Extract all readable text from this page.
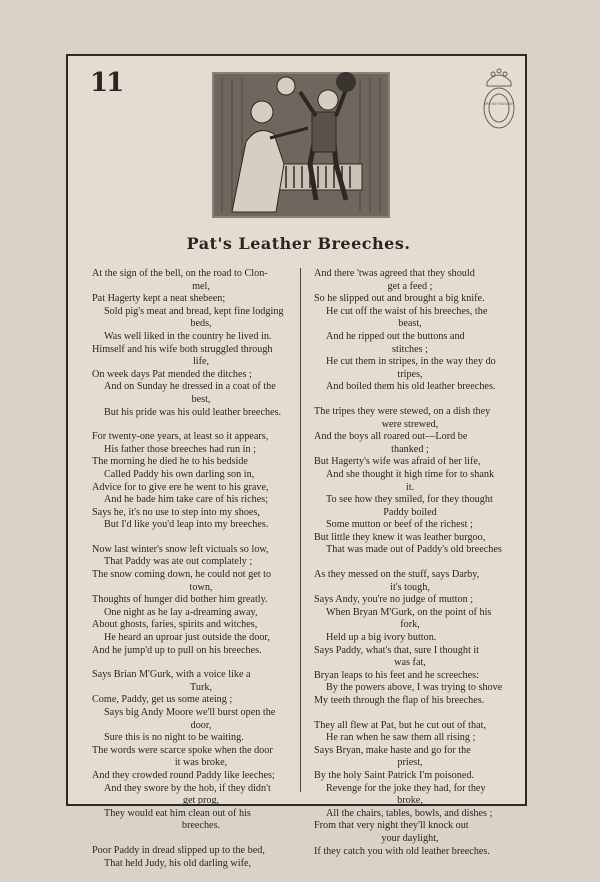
11
BRITISH MUSEUM
Pat's Leather Breeches.
At the sign of the bell, on the road to Clon-
mel,
Pat Hagerty kept a neat shebeen;
Sold pig's meat and bread, kept fine lodging
beds,
Was well liked in the country he lived in.
Himself and his wife both struggled through
life,
On week days Pat mended the ditches ;
And on Sunday he dressed in a coat of the
best,
But his pride was his ould leather breeches.
For twenty-one years, at least so it appears,
His father those breeches had run in ;
The morning he died he to his bedside
Called Paddy his own darling son in,
Advice for to give ere he went to his grave,
And he bade him take care of his riches;
Says he, it's no use to step into my shoes,
But I'd like you'd leap into my breeches.
Now last winter's snow left victuals so low,
That Paddy was ate out complately ;
The snow coming down, he could not get to
town,
Thoughts of hunger did bother him greatly.
One night as he lay a-dreaming away,
About ghosts, faries, spirits and witches,
He heard an uproar just outside the door,
And he jump'd up to pull on his breeches.
Says Brian M'Gurk, with a voice like a
Turk,
Come, Paddy, get us some ateing ;
Says big Andy Moore we'll burst open the
door,
Sure this is no night to be waiting.
The words were scarce spoke when the door
it was broke,
And they crowded round Paddy like leeches;
And they swore by the hob, if they didn't
get prog,
They would eat him clean out of his
breeches.
Poor Paddy in dread slipped up to the bed,
That held Judy, his old darling wife,
And there 'twas agreed that they should
get a feed ;
So he slipped out and brought a big knife.
He cut off the waist of his breeches, the
beast,
And he ripped out the buttons and
stitches ;
He cut them in stripes, in the way they do
tripes,
And boiled them his old leather breeches.
The tripes they were stewed, on a dish they
were strewed,
And the boys all roared out—Lord be
thanked ;
But Hagerty's wife was afraid of her life,
And she thought it high time for to shank
it.
To see how they smiled, for they thought
Paddy boiled
Some mutton or beef of the richest ;
But little they knew it was leather burgoo,
That was made out of Paddy's old breeches
As they messed on the stuff, says Darby,
it's tough,
Says Andy, you're no judge of mutton ;
When Bryan M'Gurk, on the point of his
fork,
Held up a big ivory button.
Says Paddy, what's that, sure I thought it
was fat,
Bryan leaps to his feet and he screeches:
By the powers above, I was trying to shove
My teeth through the flap of his breeches.
They all flew at Pat, but he cut out of that,
He ran when he saw them all rising ;
Says Bryan, make haste and go for the
priest,
By the holy Saint Patrick I'm poisoned.
Revenge for the joke they had, for they
broke,
All the chairs, tables, bowls, and dishes ;
From that very night they'll knock out
your daylight,
If they catch you with old leather breeches.
